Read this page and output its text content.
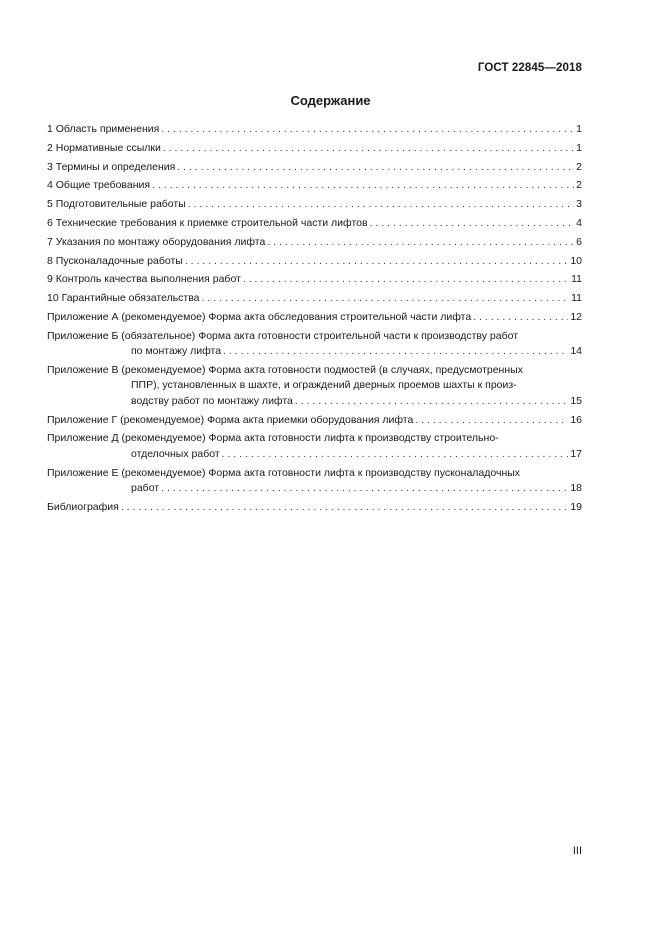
ГОСТ 22845—2018
Содержание
1 Область применения . . .	1
2 Нормативные ссылки . . .	1
3 Термины и определения . . .	2
4 Общие требования . . .	2
5 Подготовительные работы . . .	3
6 Технические требования к приемке строительной части лифтов . . .	4
7 Указания по монтажу оборудования лифта . . .	6
8 Пусконаладочные работы . . .	10
9 Контроль качества выполнения работ . . .	11
10 Гарантийные обязательства . . .	11
Приложение А (рекомендуемое) Форма акта обследования строительной части лифта . . .	12
Приложение Б (обязательное) Форма акта готовности строительной части к производству работ
по монтажу лифта . . .	14
Приложение В (рекомендуемое) Форма акта готовности подмостей (в случаях, предусмотренных
ППР), установленных в шахте, и ограждений дверных проемов шахты к произ-
водству работ по монтажу лифта . . .	15
Приложение Г (рекомендуемое) Форма акта приемки оборудования лифта . . .	16
Приложение Д (рекомендуемое) Форма акта готовности лифта к производству строительно-
отделочных работ . . .	17
Приложение Е (рекомендуемое) Форма акта готовности лифта к производству пусконаладочных
работ . . .	18
Библиография . . .	19
III
